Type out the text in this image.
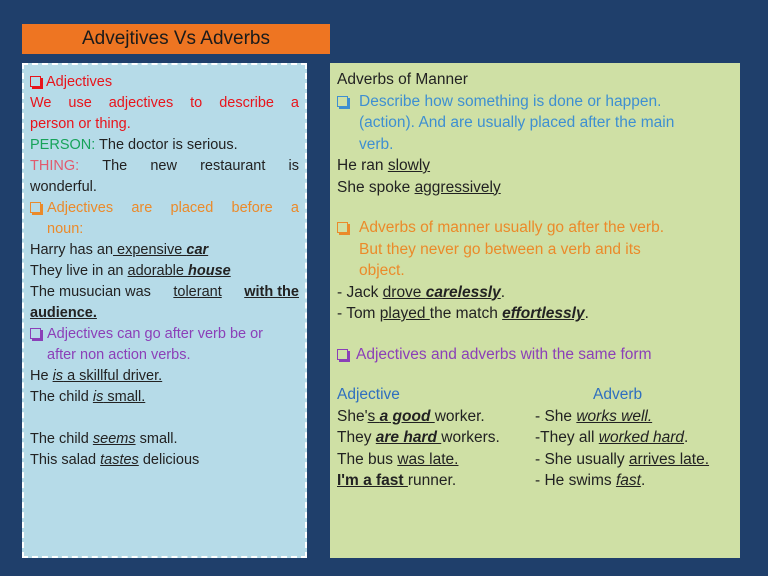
Advejtives Vs Adverbs
Adjectives
We use adjectives to describe a
person or thing.
PERSON: The doctor is serious.
THING: The new restaurant is
wonderful.
Adjectives are placed before a
noun:
Harry has an expensive car
They live in an adorable house
The musucian was tolerant with the
audience.
Adjectives can go after verb be or
after non action verbs.
He is a skillful driver.
The child is small.
The child seems small.
This salad tastes delicious
Adverbs of Manner
Describe how something is done or happen.
(action). And are usually placed after the main
verb.
He ran slowly
She spoke aggressively
Adverbs of manner usually go after the verb.
But they never go between a verb and its
object.
- Jack drove carelessly.
- Tom played the match effortlessly.
Adjectives and adverbs with the same form
Adjective	Adverb
She's a good worker.	- She works well.
They are hard workers.	-They all worked hard.
The bus was late.	- She usually arrives late.
I'm a fast runner.	- He swims fast.
